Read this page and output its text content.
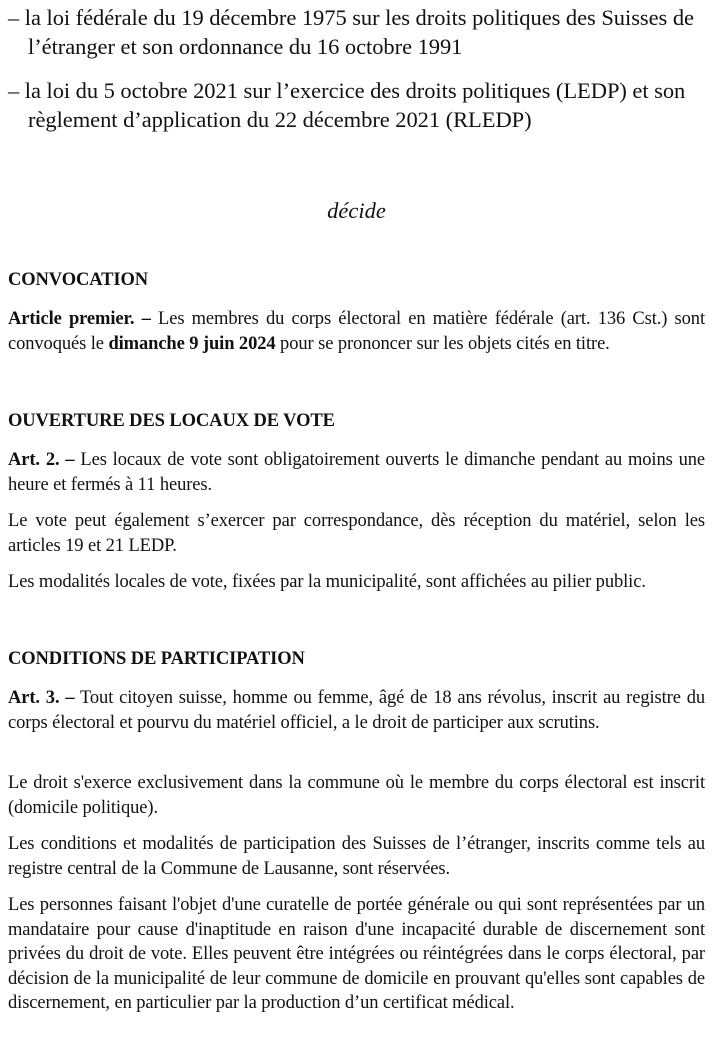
– la loi fédérale du 19 décembre 1975 sur les droits politiques des Suisses de l’étranger et son ordonnance du 16 octobre 1991
– la loi du 5 octobre 2021 sur l’exercice des droits politiques (LEDP) et son règlement d’application du 22 décembre 2021 (RLEDP)
décide
CONVOCATION
Article premier. – Les membres du corps électoral en matière fédérale (art. 136 Cst.) sont convoqués le dimanche 9 juin 2024 pour se prononcer sur les objets cités en titre.
OUVERTURE DES LOCAUX DE VOTE
Art. 2. – Les locaux de vote sont obligatoirement ouverts le dimanche pendant au moins une heure et fermés à 11 heures.
Le vote peut également s’exercer par correspondance, dès réception du matériel, selon les articles 19 et 21 LEDP.
Les modalités locales de vote, fixées par la municipalité, sont affichées au pilier public.
CONDITIONS DE PARTICIPATION
Art. 3. – Tout citoyen suisse, homme ou femme, âgé de 18 ans révolus, inscrit au registre du corps électoral et pourvu du matériel officiel, a le droit de participer aux scrutins.
Le droit s'exerce exclusivement dans la commune où le membre du corps électoral est inscrit (domicile politique).
Les conditions et modalités de participation des Suisses de l’étranger, inscrits comme tels au registre central de la Commune de Lausanne, sont réservées.
Les personnes faisant l'objet d'une curatelle de portée générale ou qui sont représentées par un mandataire pour cause d'inaptitude en raison d'une incapacité durable de discernement sont privées du droit de vote. Elles peuvent être intégrées ou réintégrées dans le corps électoral, par décision de la municipalité de leur commune de domicile en prouvant qu'elles sont capables de discernement, en particulier par la production d’un certificat médical.
